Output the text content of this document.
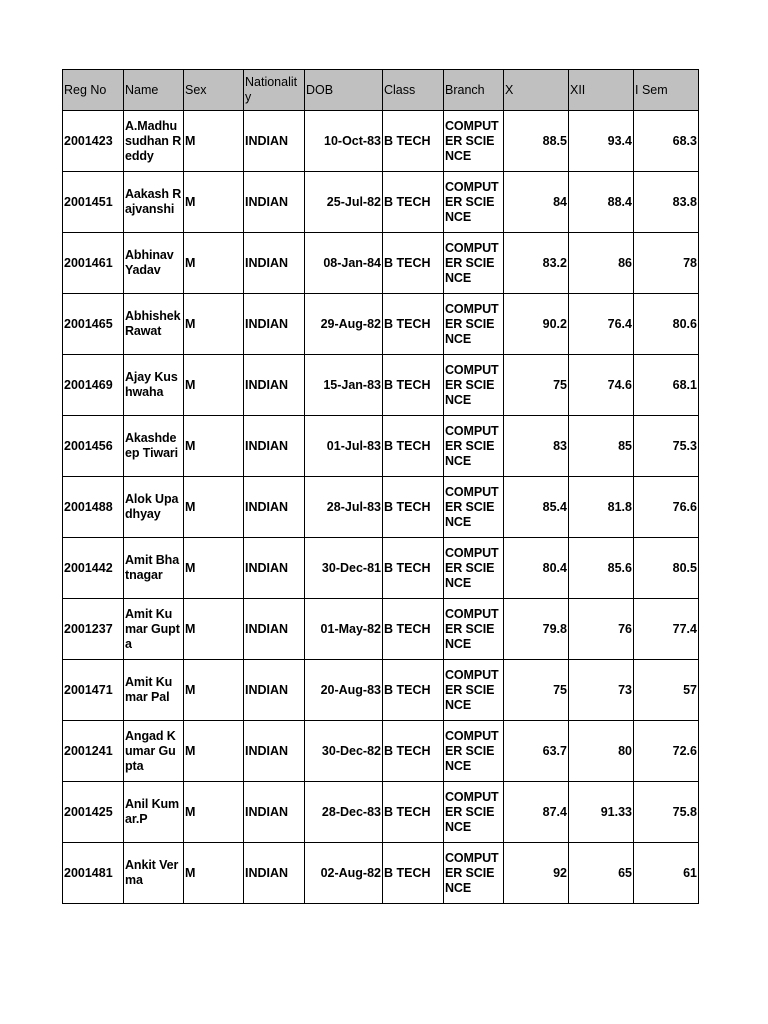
Reg No	Name	Sex	Nationality	DOB	Class	Branch	X	XII	I Sem
2001423	A.Madhusudhan Reddy	M	INDIAN	10-Oct-83	B TECH	COMPUTER SCIENCE	88.5	93.4	68.3
2001451	Aakash Rajvanshi	M	INDIAN	25-Jul-82	B TECH	COMPUTER SCIENCE	84	88.4	83.8
2001461	Abhinav Yadav	M	INDIAN	08-Jan-84	B TECH	COMPUTER SCIENCE	83.2	86	78
2001465	Abhishek Rawat	M	INDIAN	29-Aug-82	B TECH	COMPUTER SCIENCE	90.2	76.4	80.6
2001469	Ajay Kushwaha	M	INDIAN	15-Jan-83	B TECH	COMPUTER SCIENCE	75	74.6	68.1
2001456	Akashdeep Tiwari	M	INDIAN	01-Jul-83	B TECH	COMPUTER SCIENCE	83	85	75.3
2001488	Alok Upadhyay	M	INDIAN	28-Jul-83	B TECH	COMPUTER SCIENCE	85.4	81.8	76.6
2001442	Amit Bhatnagar	M	INDIAN	30-Dec-81	B TECH	COMPUTER SCIENCE	80.4	85.6	80.5
2001237	Amit Kumar Gupta	M	INDIAN	01-May-82	B TECH	COMPUTER SCIENCE	79.8	76	77.4
2001471	Amit Kumar Pal	M	INDIAN	20-Aug-83	B TECH	COMPUTER SCIENCE	75	73	57
2001241	Angad Kumar Gupta	M	INDIAN	30-Dec-82	B TECH	COMPUTER SCIENCE	63.7	80	72.6
2001425	Anil Kumar.P	M	INDIAN	28-Dec-83	B TECH	COMPUTER SCIENCE	87.4	91.33	75.8
2001481	Ankit Verma	M	INDIAN	02-Aug-82	B TECH	COMPUTER SCIENCE	92	65	61
